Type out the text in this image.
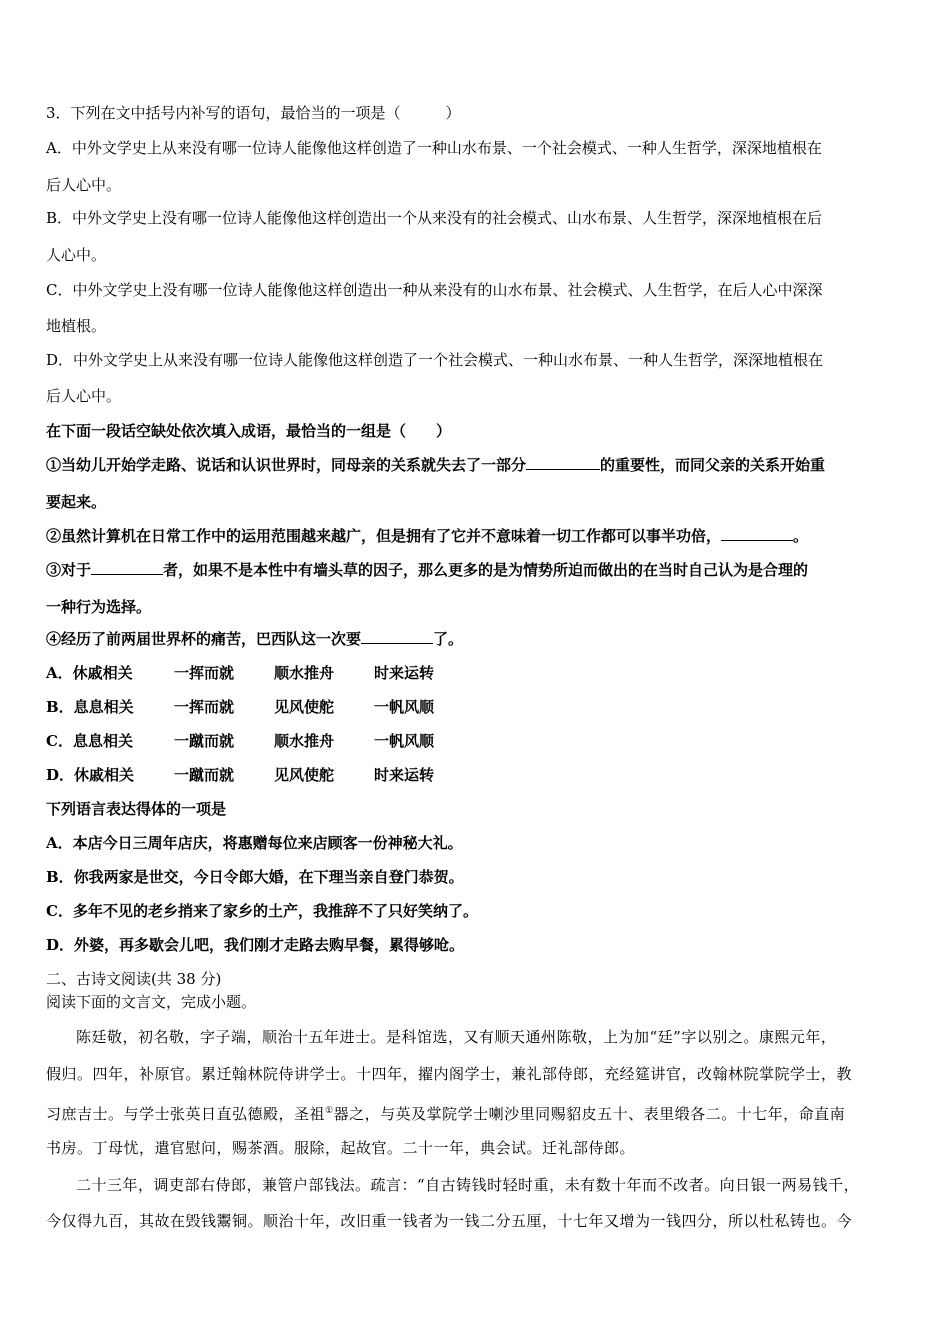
3．下列在文中括号内补写的语句，最恰当的一项是（　　　）
A．中外文学史上从来没有哪一位诗人能像他这样创造了一种山水布景、一个社会模式、一种人生哲学，深深地植根在
后人心中。
B．中外文学史上没有哪一位诗人能像他这样创造出一个从来没有的社会模式、山水布景、人生哲学，深深地植根在后
人心中。
C．中外文学史上没有哪一位诗人能像他这样创造出一种从来没有的山水布景、社会模式、人生哲学，在后人心中深深
地植根。
D．中外文学史上从来没有哪一位诗人能像他这样创造了一个社会模式、一种山水布景、一种人生哲学，深深地植根在
后人心中。
在下面一段话空缺处依次填入成语，最恰当的一组是（　　）
①当幼儿开始学走路、说话和认识世界时，同母亲的关系就失去了一部分	的重要性，而同父亲的关系开始重
要起来。
②虽然计算机在日常工作中的运用范围越来越广，但是拥有了它并不意味着一切工作都可以事半功倍，	。
③对于	者，如果不是本性中有墙头草的因子，那么更多的是为情势所迫而做出的在当时自己认为是合理的
一种行为选择。
④经历了前两届世界杯的痛苦，巴西队这一次要	了。
A．休戚相关	一挥而就	顺水推舟	时来运转
B．息息相关	一挥而就	见风使舵	一帆风顺
C．息息相关	一蹴而就	顺水推舟	一帆风顺
D．休戚相关	一蹴而就	见风使舵	时来运转
下列语言表达得体的一项是
A．本店今日三周年店庆，将惠赠每位来店顾客一份神秘大礼。
B．你我两家是世交，今日令郎大婚，在下理当亲自登门恭贺。
C．多年不见的老乡捎来了家乡的土产，我推辞不了只好笑纳了。
D．外婆，再多歇会儿吧，我们刚才走路去购早餐，累得够呛。
二、古诗文阅读(共 38 分)
阅读下面的文言文，完成小题。
陈廷敬，初名敬，字子端，顺治十五年进士。是科馆选，又有顺天通州陈敬，上为加“廷”字以别之。康熙元年，
假归。四年，补原官。累迁翰林院侍讲学士。十四年，擢内阁学士，兼礼部侍郎，充经筵讲官，改翰林院掌院学士，教
习庶吉士。与学士张英日直弘德殿，圣祖①器之，与英及掌院学士喇沙里同赐貂皮五十、表里缎各二。十七年，命直南
书房。丁母忧，遣官慰问，赐茶酒。服除，起故官。二十一年，典会试。迁礼部侍郎。
二十三年，调吏部右侍郎，兼管户部钱法。疏言：“自古铸钱时轻时重，未有数十年而不改者。向日银一两易钱千，
今仅得九百，其故在毁钱鬻铜。顺治十年，改旧重一钱者为一钱二分五厘，十七年又增为一钱四分，所以杜私铸也。今
